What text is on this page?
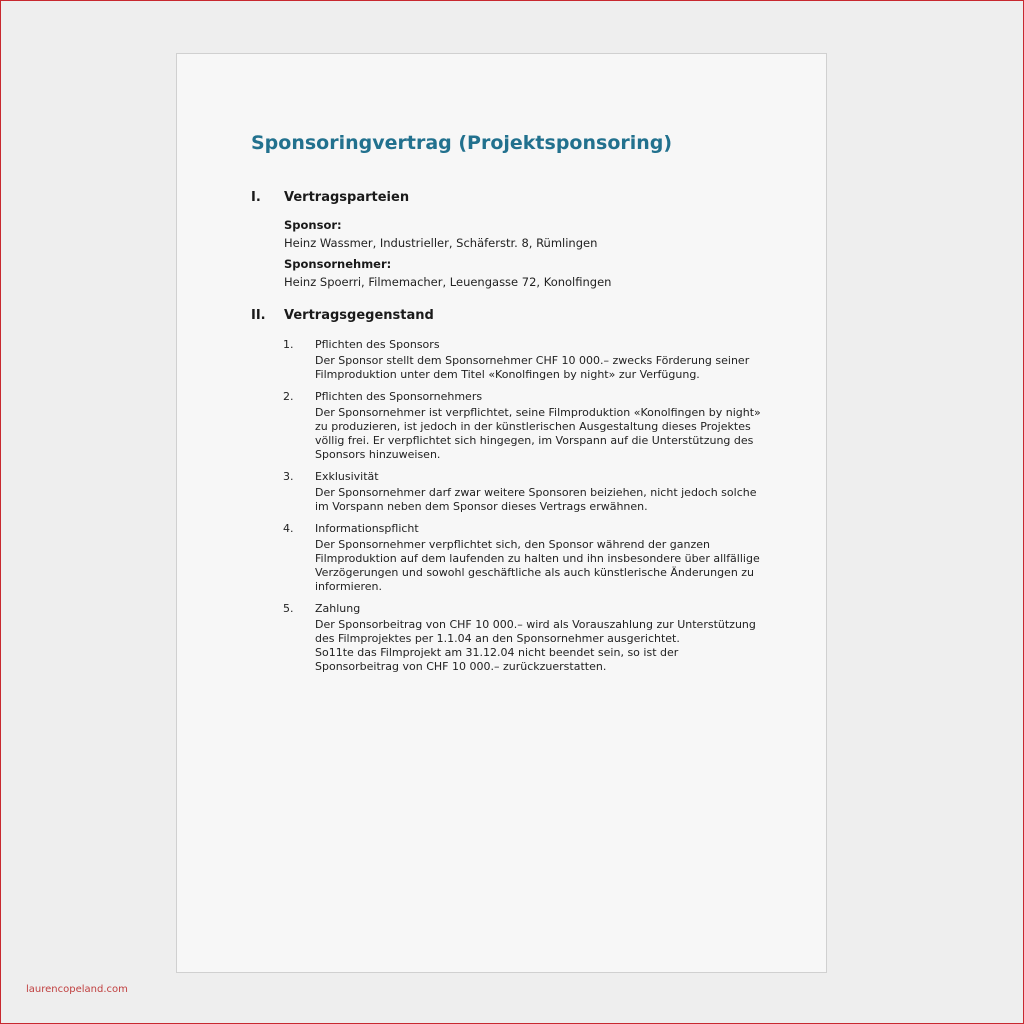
Sponsoringvertrag (Projektsponsoring)
I. Vertragsparteien
Sponsor:
Heinz Wassmer, Industrieller, Schäferstr. 8, Rümlingen
Sponsornehmer:
Heinz Spoerri, Filmemacher, Leuengasse 72, Konolfingen
II. Vertragsgegenstand
1. Pflichten des Sponsors
Der Sponsor stellt dem Sponsornehmer CHF 10 000.– zwecks Förderung seiner Filmproduktion unter dem Titel «Konolfingen by night» zur Verfügung.
2. Pflichten des Sponsornehmers
Der Sponsornehmer ist verpflichtet, seine Filmproduktion «Konolfingen by night» zu produzieren, ist jedoch in der künstlerischen Ausgestaltung dieses Projektes völlig frei. Er verpflichtet sich hingegen, im Vorspann auf die Unterstützung des Sponsors hinzuweisen.
3. Exklusivität
Der Sponsornehmer darf zwar weitere Sponsoren beiziehen, nicht jedoch solche im Vorspann neben dem Sponsor dieses Vertrags erwähnen.
4. Informationspflicht
Der Sponsornehmer verpflichtet sich, den Sponsor während der ganzen Filmproduktion auf dem laufenden zu halten und ihn insbesondere über allfällige Verzögerungen und sowohl geschäftliche als auch künstlerische Änderungen zu informieren.
5. Zahlung

Der Sponsorbeitrag von CHF 10 000.– wird als Vorauszahlung zur Unterstützung des Filmprojektes per 1.1.04 an den Sponsornehmer ausgerichtet.

So11te das Filmprojekt am 31.12.04 nicht beendet sein, so ist der Sponsorbeitrag von CHF 10 000.– zurückzuerstatten.

laurencopeland.com
